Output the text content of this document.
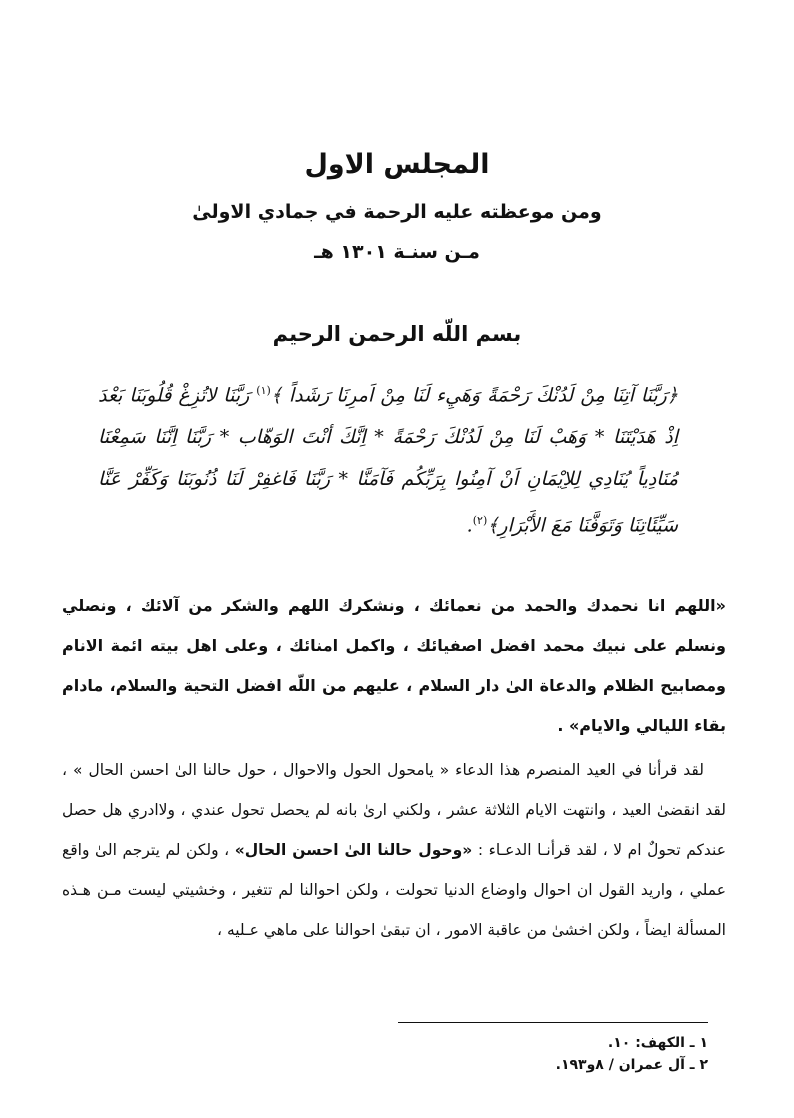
المجلس الاول
ومن موعظته عليه الرحمة في جمادي الاولىٰ
مـن سنـة ١٣٠١ هـ
بسم اللّه الرحمن الرحيم
﴿رَبَّنَا آتِنَا مِنْ لَدُنْكَ رَحْمَةً وَهَيِء لَنَا مِنْ اَمرِنَا رَشَداً ﴾$^{(١)}$ رَبَّنَا لاتُزِغْ قُلُوبَنَا بَعْدَ اِذْ هَدَيْتَنَا * وَهَبْ لَنَا مِنْ لَدُنْكَ رَحْمَةً * اِنَّكَ أنْتَ الوَهّاب * رَبَّنَا اِنَّنَا سَمِعْنَا مُنَادِياً يُنَادِي لِلاِيْمَانِ اَنْ آمِنُوا بِرَبِّكُم فَآمَنَّا * رَبَّنَا فَاغفِرْ لَنَا ذُنُوبَنَا وَكَفِّرْ عَنَّا سَيِّئَاتِنَا وَتَوَفَّنَا مَعَ الأَبْرَارِ﴾$^{(٢)}$.
«اللهم انا نحمدك والحمد من نعمائك ، ونشكرك اللهم والشكر من آلائك ، ونصلي ونسلم على نبيك محمد افضل اصفيائك ، واكمل امنائك ، وعلى اهل بيته ائمة الانام ومصابيح الظلام والدعاة الىٰ دار السلام ، عليهم من اللّه افضل التحية والسلام، مادام بقاء الليالي والايام» .
لقد قرأنا في العيد المنصرم هذا الدعاء « يامحول الحول والاحوال ، حول حالنا الىٰ احسن الحال » ، لقد انقضىٰ العيد ، وانتهت الايام الثلاثة عشر ، ولكني ارىٰ بانه لم يحصل تحول عندي ، ولاادري هل حصل عندكم تحولٌ ام لا ، لقد قرأنـا الدعـاء : «وحول حالنا الىٰ احسن الحال» ، ولكن لم يترجم الىٰ واقع عملي ، واريد القول ان احوال واوضاع الدنيا تحولت ، ولكن احوالنا لم تتغير ، وخشيتي ليست مـن هـذه المسألة ايضاً ، ولكن اخشىٰ من عاقبة الامور ، ان تبقىٰ احوالنا على ماهي عـليه ،
١ ـ الكهف: ١٠.
٢ ـ آل عمران / ٨و١٩٣.
